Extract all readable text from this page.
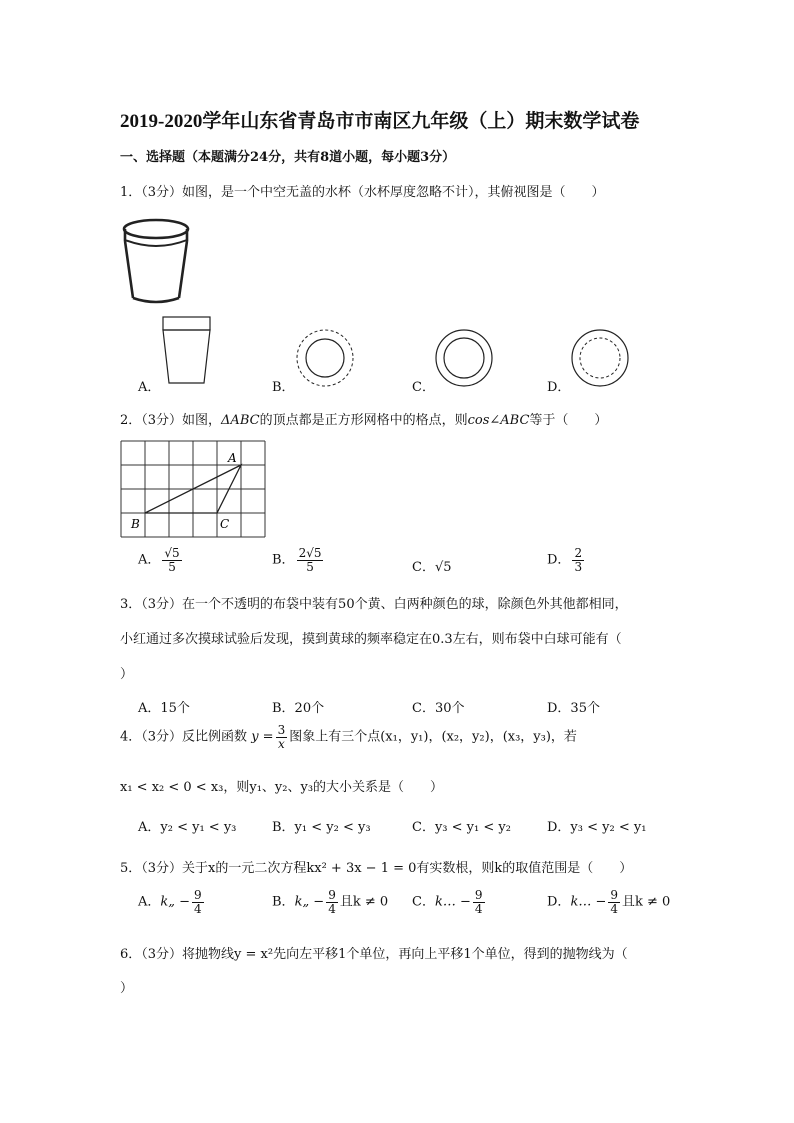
2019-2020学年山东省青岛市市南区九年级（上）期末数学试卷
一、选择题（本题满分24分，共有8道小题，每小题3分）
1．（3分）如图，是一个中空无盖的水杯（水杯厚度忽略不计），其俯视图是（　　）
A．	B．	C．	D．
2．（3分）如图，ΔABC的顶点都是正方形网格中的格点，则cos∠ABC等于（　　）
A
B	C
A． $\frac{√5}{5}$	B． $\frac{2√5}{5}$	C．√5	D． $\frac{2}{3}$
3．（3分）在一个不透明的布袋中装有50个黄、白两种颜色的球，除颜色外其他都相同，
小红通过多次摸球试验后发现，摸到黄球的频率稳定在0.3左右，则布袋中白球可能有（
）
A．15个	B．20个	C．30个	D．35个
4．（3分）反比例函数 $y = \frac{3}{x}$ 图象上有三个点(x₁，y₁)，(x₂，y₂)，(x₃，y₃)，若
x₁ < x₂ < 0 < x₃，则y₁、y₂、y₃的大小关系是（　　）
A．y₂ < y₁ < y₃	B．y₁ < y₂ < y₃	C．y₃ < y₁ < y₂	D．y₃ < y₂ < y₁
5．（3分）关于x的一元二次方程kx² + 3x − 1 = 0有实数根，则k的取值范围是（　　）
A．k„ − $\frac{9}{4}$	B．k„ − $\frac{9}{4}$ 且k ≠ 0 C．k… − $\frac{9}{4}$	D．k… − $\frac{9}{4}$ 且k ≠ 0
6．（3分）将抛物线y = x²先向左平移1个单位，再向上平移1个单位，得到的抛物线为（
）
